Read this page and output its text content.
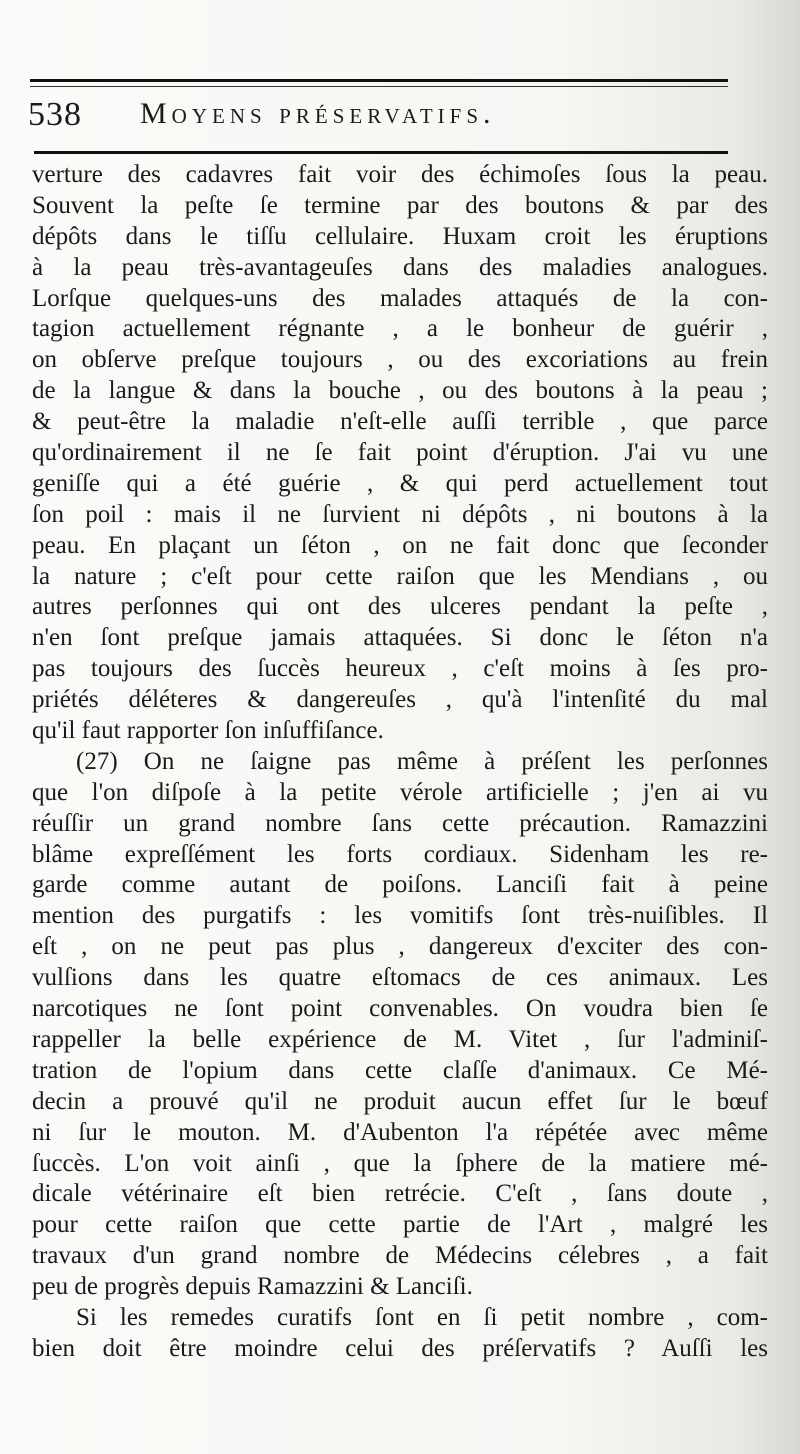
538 Moyens préservatifs.
verture des cadavres fait voir des échimoſes ſous la peau.
Souvent la peſte ſe termine par des boutons & par des
dépôts dans le tiſſu cellulaire. Huxam croit les éruptions
à la peau très-avantageuſes dans des maladies analogues.
Lorſque quelques-uns des malades attaqués de la con-
tagion actuellement régnante , a le bonheur de guérir ,
on obſerve preſque toujours , ou des excoriations au frein
de la langue & dans la bouche , ou des boutons à la peau ;
& peut-être la maladie n'eſt-elle auſſi terrible , que parce
qu'ordinairement il ne ſe fait point d'éruption. J'ai vu une
geniſſe qui a été guérie , & qui perd actuellement tout
ſon poil : mais il ne ſurvient ni dépôts , ni boutons à la
peau. En plaçant un ſéton , on ne fait donc que ſeconder
la nature ; c'eſt pour cette raiſon que les Mendians , ou
autres perſonnes qui ont des ulceres pendant la peſte ,
n'en ſont preſque jamais attaquées. Si donc le ſéton n'a
pas toujours des ſuccès heureux , c'eſt moins à ſes pro-
priétés déléteres & dangereuſes , qu'à l'intenſité du mal
qu'il faut rapporter ſon inſuffiſance.
(27) On ne ſaigne pas même à préſent les perſonnes
que l'on diſpoſe à la petite vérole artificielle ; j'en ai vu
réuſſir un grand nombre ſans cette précaution. Ramazzini
blâme expreſſément les forts cordiaux. Sidenham les re-
garde comme autant de poiſons. Lanciſi fait à peine
mention des purgatifs : les vomitifs ſont très-nuiſibles. Il
eſt , on ne peut pas plus , dangereux d'exciter des con-
vulſions dans les quatre eſtomacs de ces animaux. Les
narcotiques ne ſont point convenables. On voudra bien ſe
rappeller la belle expérience de M. Vitet , ſur l'adminiſ-
tration de l'opium dans cette claſſe d'animaux. Ce Mé-
decin a prouvé qu'il ne produit aucun effet ſur le bœuf
ni ſur le mouton. M. d'Aubenton l'a répétée avec même
ſuccès. L'on voit ainſi , que la ſphere de la matiere mé-
dicale vétérinaire eſt bien retrécie. C'eſt , ſans doute ,
pour cette raiſon que cette partie de l'Art , malgré les
travaux d'un grand nombre de Médecins célebres , a fait
peu de progrès depuis Ramazzini & Lanciſi.
Si les remedes curatifs ſont en ſi petit nombre , com-
bien doit être moindre celui des préſervatifs ? Auſſi les
